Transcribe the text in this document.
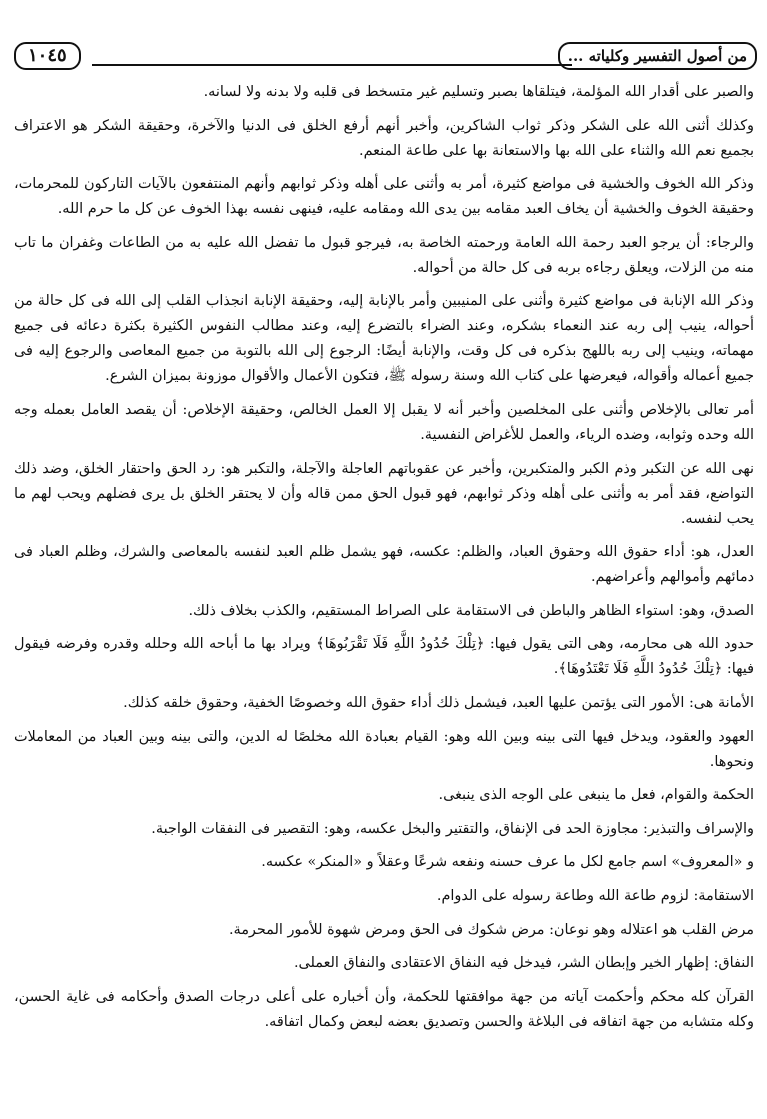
من أصول التفسير وكلياته ...
١٠٤٥

والصبر على أقدار الله المؤلمة، فيتلقاها بصبر وتسليم غير متسخط فى قلبه ولا بدنه ولا لسانه.

وكذلك أثنى الله على الشكر وذكر ثواب الشاكرين، وأخبر أنهم أرفع الخلق فى الدنيا والآخرة، وحقيقة الشكر هو الاعتراف بجميع نعم الله والثناء على الله بها والاستعانة بها على طاعة المنعم.

وذكر الله الخوف والخشية فى مواضع كثيرة، أمر به وأثنى على أهله وذكر ثوابهم وأنهم المنتفعون بالآيات التاركون للمحرمات، وحقيقة الخوف والخشية أن يخاف العبد مقامه بين يدى الله ومقامه عليه، فينهى نفسه بهذا الخوف عن كل ما حرم الله.

والرجاء: أن يرجو العبد رحمة الله العامة ورحمته الخاصة به، فيرجو قبول ما تفضل الله عليه به من الطاعات وغفران ما تاب منه من الزلات، ويعلق رجاءه بربه فى كل حالة من أحواله.

وذكر الله الإنابة فى مواضع كثيرة وأثنى على المنيبين وأمر بالإنابة إليه، وحقيقة الإنابة انجذاب القلب إلى الله فى كل حالة من أحواله، ينيب إلى ربه عند النعماء بشكره، وعند الضراء بالتضرع إليه، وعند مطالب النفوس الكثيرة بكثرة دعائه فى جميع مهماته، وينيب إلى ربه باللهج بذكره فى كل وقت، والإنابة أيضًا: الرجوع إلى الله بالتوبة من جميع المعاصى والرجوع إليه فى جميع أعماله وأقواله، فيعرضها على كتاب الله وسنة رسوله ﷺ، فتكون الأعمال والأقوال موزونة بميزان الشرع.

أمر تعالى بالإخلاص وأثنى على المخلصين وأخبر أنه لا يقبل إلا العمل الخالص، وحقيقة الإخلاص: أن يقصد العامل بعمله وجه الله وحده وثوابه، وضده الرياء، والعمل للأغراض النفسية.

نهى الله عن التكبر وذم الكبر والمتكبرين، وأخبر عن عقوباتهم العاجلة والآجلة، والتكبر هو: رد الحق واحتقار الخلق، وضد ذلك التواضع، فقد أمر به وأثنى على أهله وذكر ثوابهم، فهو قبول الحق ممن قاله وأن لا يحتقر الخلق بل يرى فضلهم ويحب لهم ما يحب لنفسه.

العدل، هو: أداء حقوق الله وحقوق العباد، والظلم: عكسه، فهو يشمل ظلم العبد لنفسه بالمعاصى والشرك، وظلم العباد فى دمائهم وأموالهم وأعراضهم.

الصدق، وهو: استواء الظاهر والباطن فى الاستقامة على الصراط المستقيم، والكذب بخلاف ذلك.

حدود الله هى محارمه، وهى التى يقول فيها: ﴿تِلْكَ حُدُودُ اللَّهِ فَلَا تَقْرَبُوهَا﴾ ويراد بها ما أباحه الله وحلله وقدره وفرضه فيقول فيها: ﴿تِلْكَ حُدُودُ اللَّهِ فَلَا تَعْتَدُوهَا﴾.

الأمانة هى: الأمور التى يؤتمن عليها العبد، فيشمل ذلك أداء حقوق الله وخصوصًا الخفية، وحقوق خلقه كذلك.

العهود والعقود، ويدخل فيها التى بينه وبين الله وهو: القيام بعبادة الله مخلصًا له الدين، والتى بينه وبين العباد من المعاملات ونحوها.

الحكمة والقوام، فعل ما ينبغى على الوجه الذى ينبغى.

والإسراف والتبذير: مجاوزة الحد فى الإنفاق، والتقتير والبخل عكسه، وهو: التقصير فى النفقات الواجبة.

و «المعروف» اسم جامع لكل ما عرف حسنه ونفعه شرعًا وعقلاً و «المنكر» عكسه.

الاستقامة: لزوم طاعة الله وطاعة رسوله على الدوام.

مرض القلب هو اعتلاله وهو نوعان: مرض شكوك فى الحق ومرض شهوة للأمور المحرمة.

النفاق: إظهار الخير وإبطان الشر، فيدخل فيه النفاق الاعتقادى والنفاق العملى.

القرآن كله محكم وأحكمت آياته من جهة موافقتها للحكمة، وأن أخباره على أعلى درجات الصدق وأحكامه فى غاية الحسن، وكله متشابه من جهة اتفاقه فى البلاغة والحسن وتصديق بعضه لبعض وكمال اتفاقه.
